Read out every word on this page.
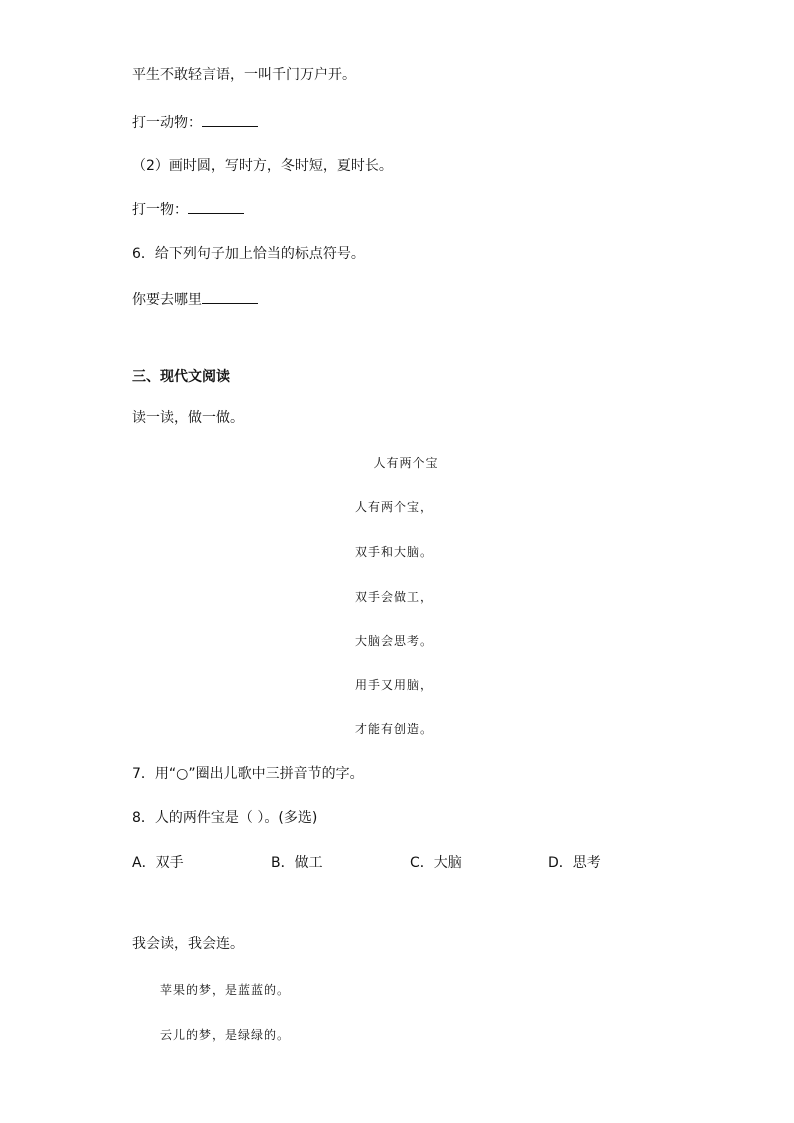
平生不敢轻言语，一叫千门万户开。
打一动物：
（2）画时圆，写时方，冬时短，夏时长。
打一物：
6．给下列句子加上恰当的标点符号。
你要去哪里
三、现代文阅读
读一读，做一做。
人有两个宝
人有两个宝，
双手和大脑。
双手会做工，
大脑会思考。
用手又用脑，
才能有创造。
7．用“○”圈出儿歌中三拼音节的字。
8．人的两件宝是（ ）。(多选)
A．双手	B．做工	C．大脑	D．思考
我会读，我会连。
苹果的梦，是蓝蓝的。
云儿的梦，是绿绿的。
